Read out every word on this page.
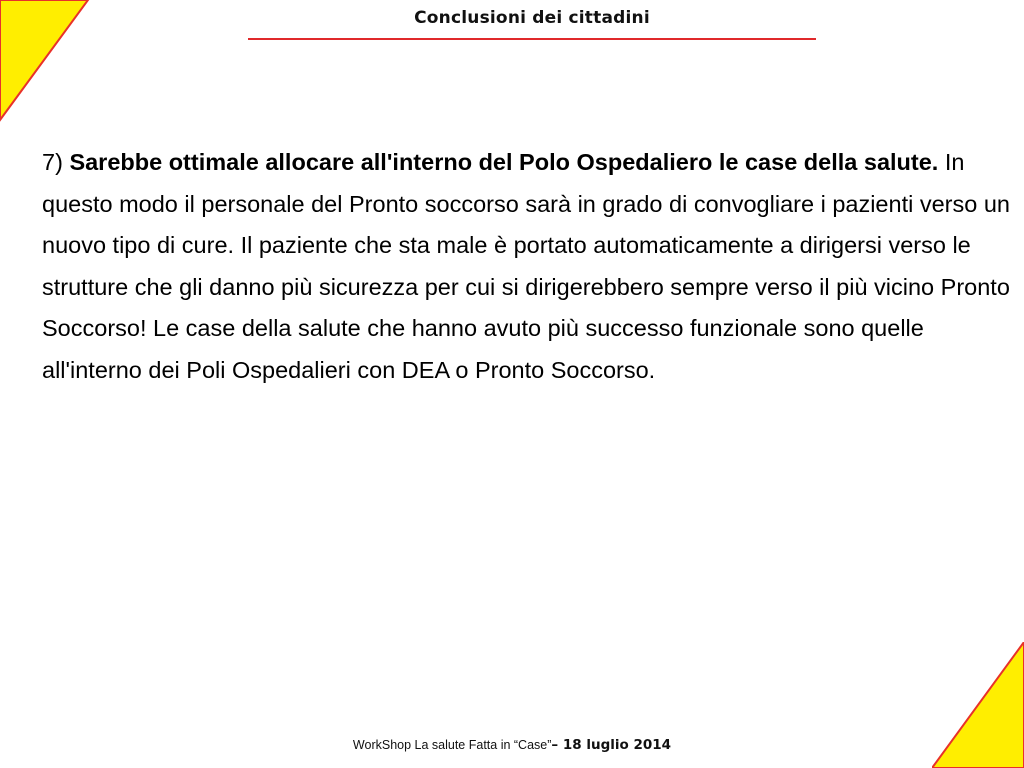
Conclusioni dei cittadini

7) Sarebbe ottimale allocare all'interno del Polo Ospedaliero le case della salute. In questo modo il personale del Pronto soccorso sarà in grado di convogliare i pazienti verso un nuovo tipo di cure. Il paziente che sta male è portato automaticamente a dirigersi verso le strutture che gli danno più sicurezza per cui si dirigerebbero sempre verso il più vicino Pronto Soccorso! Le case della salute che hanno avuto più successo funzionale sono quelle all'interno dei Poli Ospedalieri con DEA o Pronto Soccorso.

WorkShop La salute Fatta in “Case”– 18 luglio 2014
